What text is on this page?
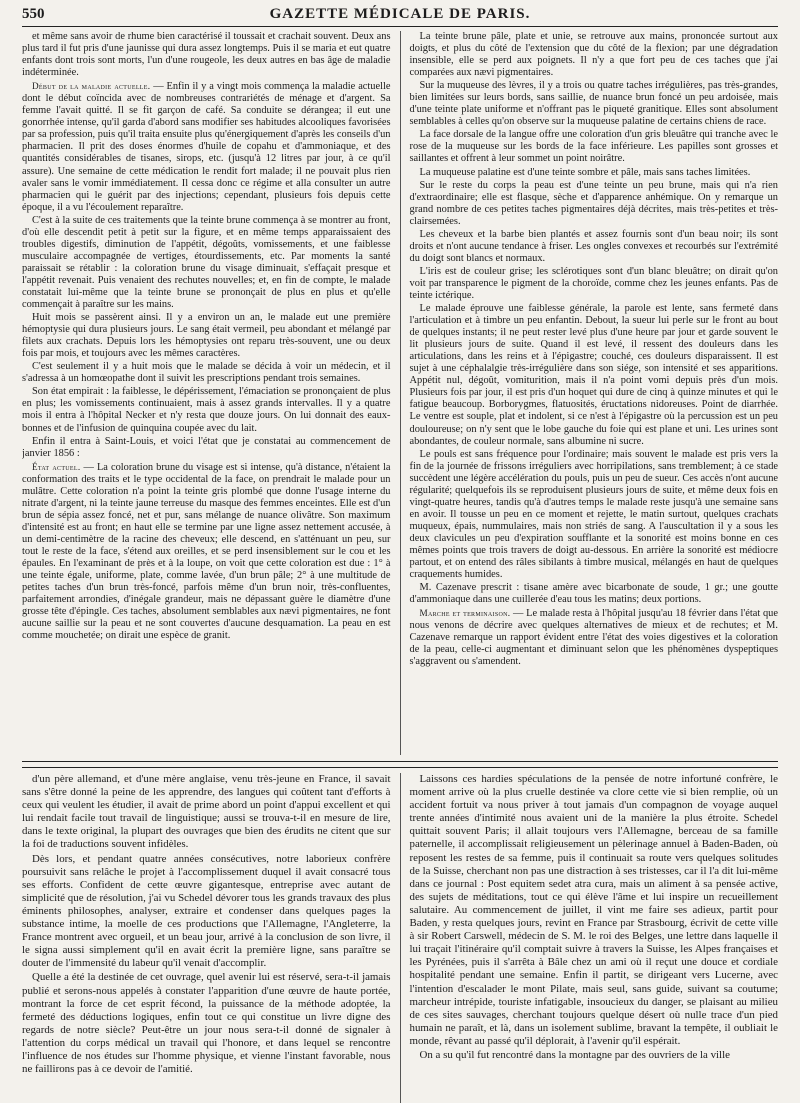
550	GAZETTE MÉDICALE DE PARIS.

et même sans avoir de rhume bien caractérisé il toussait et crachait souvent. Deux ans plus tard il fut pris d'une jaunisse qui dura assez longtemps. Puis il se maria et eut quatre enfants dont trois sont morts, l'un d'une rougeole, les deux autres en bas âge de maladie indéterminée.

Début de la maladie actuelle. — Enfin il y a vingt mois commença la maladie actuelle dont le début coïncida avec de nombreuses contrariétés de ménage et d'argent. Sa femme l'avait quitté. Il se fit garçon de café. Sa conduite se dérangea; il eut une gonorrhée intense, qu'il garda d'abord sans modifier ses habitudes alcooliques favorisées par sa profession, puis qu'il traita ensuite plus qu'énergiquement d'après les conseils d'un pharmacien. Il prit des doses énormes d'huile de copahu et d'ammoniaque, et des quantités considérables de tisanes, sirops, etc. (jusqu'à 12 litres par jour, à ce qu'il assure). Une semaine de cette médication le rendit fort malade; il ne pouvait plus rien avaler sans le vomir immédiatement. Il cessa donc ce régime et alla consulter un autre pharmacien qui le guérit par des injections; cependant, plusieurs fois depuis cette époque, il a vu l'écoulement reparaître.

C'est à la suite de ces traitements que la teinte brune commença à se montrer au front, d'où elle descendit petit à petit sur la figure, et en même temps apparaissaient des troubles digestifs, diminution de l'appétit, dégoûts, vomissements, et une faiblesse musculaire accompagnée de vertiges, étourdissements, etc. Par moments la santé paraissait se rétablir : la coloration brune du visage diminuait, s'effaçait presque et l'appétit revenait. Puis venaient des rechutes nouvelles; et, en fin de compte, le malade constatait lui-même que la teinte brune se prononçait de plus en plus et qu'elle commençait à paraître sur les mains.

Huit mois se passèrent ainsi. Il y a environ un an, le malade eut une première hémoptysie qui dura plusieurs jours. Le sang était vermeil, peu abondant et mélangé par filets aux crachats. Depuis lors les hémoptysies ont reparu très-souvent, une ou deux fois par mois, et toujours avec les mêmes caractères.

C'est seulement il y a huit mois que le malade se décida à voir un médecin, et il s'adressa à un homœopathe dont il suivit les prescriptions pendant trois semaines.

Son état empirait : la faiblesse, le dépérissement, l'émaciation se prononçaient de plus en plus; les vomissements continuaient, mais à assez grands intervalles. Il y a quatre mois il entra à l'hôpital Necker et n'y resta que douze jours. On lui donnait des eaux-bonnes et de l'infusion de quinquina coupée avec du lait.

Enfin il entra à Saint-Louis, et voici l'état que je constatai au commencement de janvier 1856 :

État actuel. — La coloration brune du visage est si intense, qu'à distance, n'étaient la conformation des traits et le type occidental de la face, on prendrait le malade pour un mulâtre. Cette coloration n'a point la teinte gris plombé que donne l'usage interne du nitrate d'argent, ni la teinte jaune terreuse du masque des femmes enceintes. Elle est d'un brun de sépia assez foncé, net et pur, sans mélange de nuance olivâtre. Son maximum d'intensité est au front; en haut elle se termine par une ligne assez nettement accusée, à un demi-centimètre de la racine des cheveux; elle descend, en s'atténuant un peu, sur tout le reste de la face, s'étend aux oreilles, et se perd insensiblement sur le cou et les épaules. En l'examinant de près et à la loupe, on voit que cette coloration est due : 1° à une teinte égale, uniforme, plate, comme lavée, d'un brun pâle; 2° à une multitude de petites taches d'un brun très-foncé, parfois même d'un brun noir, très-confluentes, parfaitement arrondies, d'inégale grandeur, mais ne dépassant guère le diamètre d'une grosse tête d'épingle. Ces taches, absolument semblables aux nævi pigmentaires, ne font aucune saillie sur la peau et ne sont couvertes d'aucune desquamation. La peau en est comme mouchetée; on dirait une espèce de granit.

La teinte brune pâle, plate et unie, se retrouve aux mains, prononcée surtout aux doigts, et plus du côté de l'extension que du côté de la flexion; par une dégradation insensible, elle se perd aux poignets. Il n'y a que fort peu de ces taches que j'ai comparées aux nævi pigmentaires.

Sur la muqueuse des lèvres, il y a trois ou quatre taches irrégulières, pas très-grandes, bien limitées sur leurs bords, sans saillie, de nuance brun foncé un peu ardoisée, mais d'une teinte plate uniforme et n'offrant pas le piqueté granitique. Elles sont absolument semblables à celles qu'on observe sur la muqueuse palatine de certains chiens de race.

La face dorsale de la langue offre une coloration d'un gris bleuâtre qui tranche avec le rose de la muqueuse sur les bords de la face inférieure. Les papilles sont grosses et saillantes et offrent à leur sommet un point noirâtre.

La muqueuse palatine est d'une teinte sombre et pâle, mais sans taches limitées.

Sur le reste du corps la peau est d'une teinte un peu brune, mais qui n'a rien d'extraordinaire; elle est flasque, sèche et d'apparence anhémique. On y remarque un grand nombre de ces petites taches pigmentaires déjà décrites, mais très-petites et très-clairsemées.

Les cheveux et la barbe bien plantés et assez fournis sont d'un beau noir; ils sont droits et n'ont aucune tendance à friser. Les ongles convexes et recourbés sur l'extrémité du doigt sont blancs et normaux.

L'iris est de couleur grise; les sclérotiques sont d'un blanc bleuâtre; on dirait qu'on voit par transparence le pigment de la choroïde, comme chez les jeunes enfants. Pas de teinte ictérique.

Le malade éprouve une faiblesse générale, la parole est lente, sans fermeté dans l'articulation et à timbre un peu enfantin. Debout, la sueur lui perle sur le front au bout de quelques instants; il ne peut rester levé plus d'une heure par jour et garde souvent le lit plusieurs jours de suite. Quand il est levé, il ressent des douleurs dans les articulations, dans les reins et à l'épigastre; couché, ces douleurs disparaissent. Il est sujet à une céphalalgie très-irrégulière dans son siége, son intensité et ses apparitions. Appétit nul, dégoût, vomiturition, mais il n'a point vomi depuis près d'un mois. Plusieurs fois par jour, il est pris d'un hoquet qui dure de cinq à quinze minutes et qui le fatigue beaucoup. Borborygmes, flatuosités, éructations nidoreuses. Point de diarrhée. Le ventre est souple, plat et indolent, si ce n'est à l'épigastre où la percussion est un peu douloureuse; on n'y sent que le lobe gauche du foie qui est plane et uni. Les urines sont abondantes, de couleur normale, sans albumine ni sucre.

Le pouls est sans fréquence pour l'ordinaire; mais souvent le malade est pris vers la fin de la journée de frissons irréguliers avec horripilations, sans tremblement; à ce stade succèdent une légère accélération du pouls, puis un peu de sueur. Ces accès n'ont aucune régularité; quelquefois ils se reproduisent plusieurs jours de suite, et même deux fois en vingt-quatre heures, tandis qu'à d'autres temps le malade reste jusqu'à une semaine sans en avoir. Il tousse un peu en ce moment et rejette, le matin surtout, quelques crachats muqueux, épais, nummulaires, mais non striés de sang. A l'auscultation il y a sous les deux clavicules un peu d'expiration soufflante et la sonorité est moins bonne en ces mêmes points que trois travers de doigt au-dessous. En arrière la sonorité est médiocre partout, et on entend des râles sibilants à timbre musical, mélangés en haut de quelques craquements humides.

M. Cazenave prescrit : tisane amère avec bicarbonate de soude, 1 gr.; une goutte d'ammoniaque dans une cuillerée d'eau tous les matins; deux portions.

Marche et terminaison. — Le malade resta à l'hôpital jusqu'au 18 février dans l'état que nous venons de décrire avec quelques alternatives de mieux et de rechutes; et M. Cazenave remarque un rapport évident entre l'état des voies digestives et la coloration de la peau, celle-ci augmentant et diminuant selon que les phénomènes dyspeptiques s'aggravent ou s'amendent.

d'un père allemand, et d'une mère anglaise, venu très-jeune en France, il savait sans s'être donné la peine de les apprendre, des langues qui coûtent tant d'efforts à ceux qui veulent les étudier, il avait de prime abord un point d'appui excellent et qui lui rendait facile tout travail de linguistique; aussi se trouva-t-il en mesure de lire, dans le texte original, la plupart des ouvrages que bien des érudits ne citent que sur la foi de traductions souvent infidèles.

Dès lors, et pendant quatre années consécutives, notre laborieux confrère poursuivit sans relâche le projet à l'accomplissement duquel il avait consacré tous ses efforts. Confident de cette œuvre gigantesque, entreprise avec autant de simplicité que de résolution, j'ai vu Schedel dévorer tous les grands travaux des plus éminents philosophes, analyser, extraire et condenser dans quelques pages la substance intime, la moelle de ces productions que l'Allemagne, l'Angleterre, la France montrent avec orgueil, et un beau jour, arrivé à la conclusion de son livre, il le signa aussi simplement qu'il en avait écrit la première ligne, sans paraître se douter de l'immensité du labeur qu'il venait d'accomplir.

Quelle a été la destinée de cet ouvrage, quel avenir lui est réservé, sera-t-il jamais publié et serons-nous appelés à constater l'apparition d'une œuvre de haute portée, montrant la force de cet esprit fécond, la puissance de la méthode adoptée, la fermeté des déductions logiques, enfin tout ce qui constitue un livre digne des regards de notre siècle? Peut-être un jour nous sera-t-il donné de signaler à l'attention du corps médical un travail qui l'honore, et dans lequel se rencontre l'influence de nos études sur l'homme physique, et vienne l'instant favorable, nous ne faillirons pas à ce devoir de l'amitié.

Laissons ces hardies spéculations de la pensée de notre infortuné confrère, le moment arrive où la plus cruelle destinée va clore cette vie si bien remplie, où un accident fortuit va nous priver à tout jamais d'un compagnon de voyage auquel trente années d'intimité nous avaient uni de la manière la plus étroite. Schedel quittait souvent Paris; il allait toujours vers l'Allemagne, berceau de sa famille paternelle, il accomplissait religieusement un pèlerinage annuel à Baden-Baden, où reposent les restes de sa femme, puis il continuait sa route vers quelques solitudes de la Suisse, cherchant non pas une distraction à ses tristesses, car il l'a dit lui-même dans ce journal : Post equitem sedet atra cura, mais un aliment à sa pensée active, des sujets de méditations, tout ce qui élève l'âme et lui inspire un recueillement salutaire. Au commencement de juillet, il vint me faire ses adieux, partit pour Baden, y resta quelques jours, revint en France par Strasbourg, écrivit de cette ville à sir Robert Carswell, médecin de S. M. le roi des Belges, une lettre dans laquelle il lui traçait l'itinéraire qu'il comptait suivre à travers la Suisse, les Alpes françaises et les Pyrénées, puis il s'arrêta à Bâle chez un ami où il reçut une douce et cordiale hospitalité pendant une semaine. Enfin il partit, se dirigeant vers Lucerne, avec l'intention d'escalader le mont Pilate, mais seul, sans guide, suivant sa coutume; marcheur intrépide, touriste infatigable, insoucieux du danger, se plaisant au milieu de ces sites sauvages, cherchant toujours quelque désert où nulle trace d'un pied humain ne paraît, et là, dans un isolement sublime, bravant la tempête, il oubliait le monde, rêvant au passé qu'il déplorait, à l'avenir qu'il espérait.

On a su qu'il fut rencontré dans la montagne par des ouvriers de la ville
